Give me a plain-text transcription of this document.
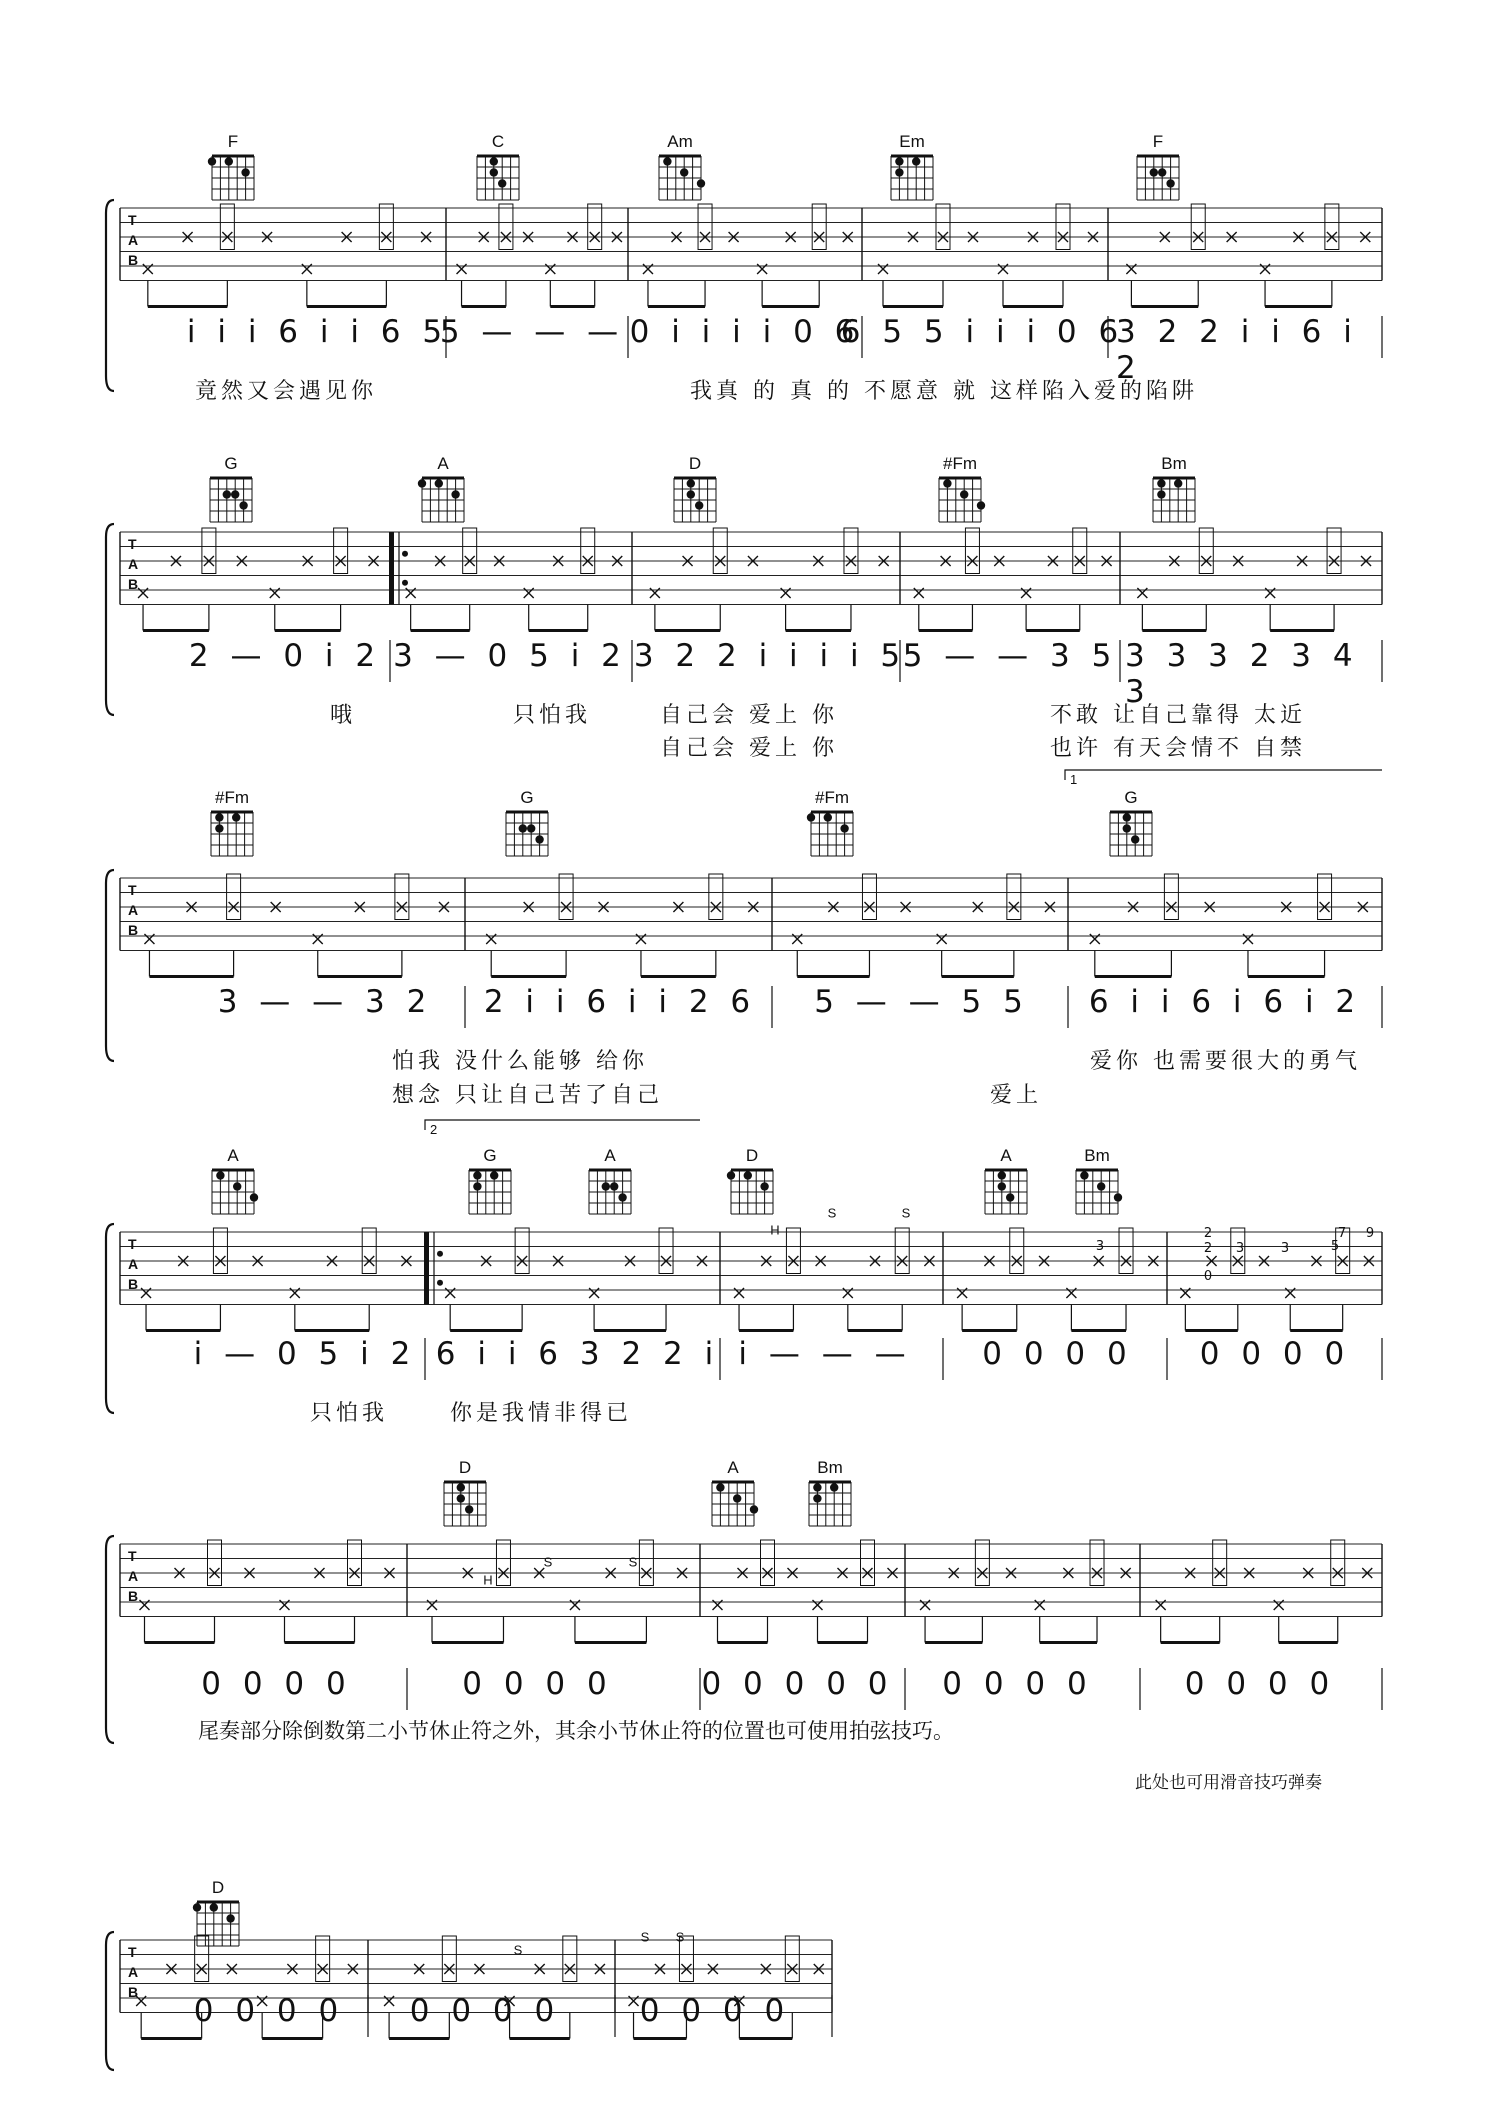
2
2
0
3	3	3	5
7 9
T
A
B
F	C	Am	Em	F
i i i 6 i i 6 5
5 — — — 0 i i i i 0 6
6 5 5 i i i 0 6
3 2 2 i i 6 i 2
竟然又会遇见你	我真 的 真 的 不愿意 就 这样陷入爱的陷阱
T
A
B
G	A	D	#Fm	Bm
2 — 0 i 2 3 — 0 5 i 2 3 2 2 i i i i 5
5 — — 3 5 3 3 3 2 3 4 3
哦	只怕我	自己会 爱上 你	不敢 让自己靠得 太近
自己会 爱上 你	也许 有天会情不 自禁
T
A
B
#Fm	G	#Fm	G
3 — — 3 2 2 i i 6 i i 2 6 5 — — 5 5 6 i i 6 i 6 i 2
怕我 没什么能够 给你	爱你 也需要很大的勇气
想念 只让自己苦了自己	爱上
T
A
B
A	G	A	D	A	Bm
i — 0 5 i 2 6 i i 6 3 2 2 i i — — — 0 0 0 0 0 0 0 0
只怕我	你是我情非得已
T
A
B
D	A	Bm
0 0 0 0	0 0 0 0	0 0 0 0 0 0 0 0 0	0 0 0 0
T
A
B
D
0 0 0 0 0 0 0 0	0 0 0 0
1
2
S	S
H
S	S
H
S
S S
尾奏部分除倒数第二小节休止符之外，其余小节休止符的位置也可使用拍弦技巧。
此处也可用滑音技巧弹奏
